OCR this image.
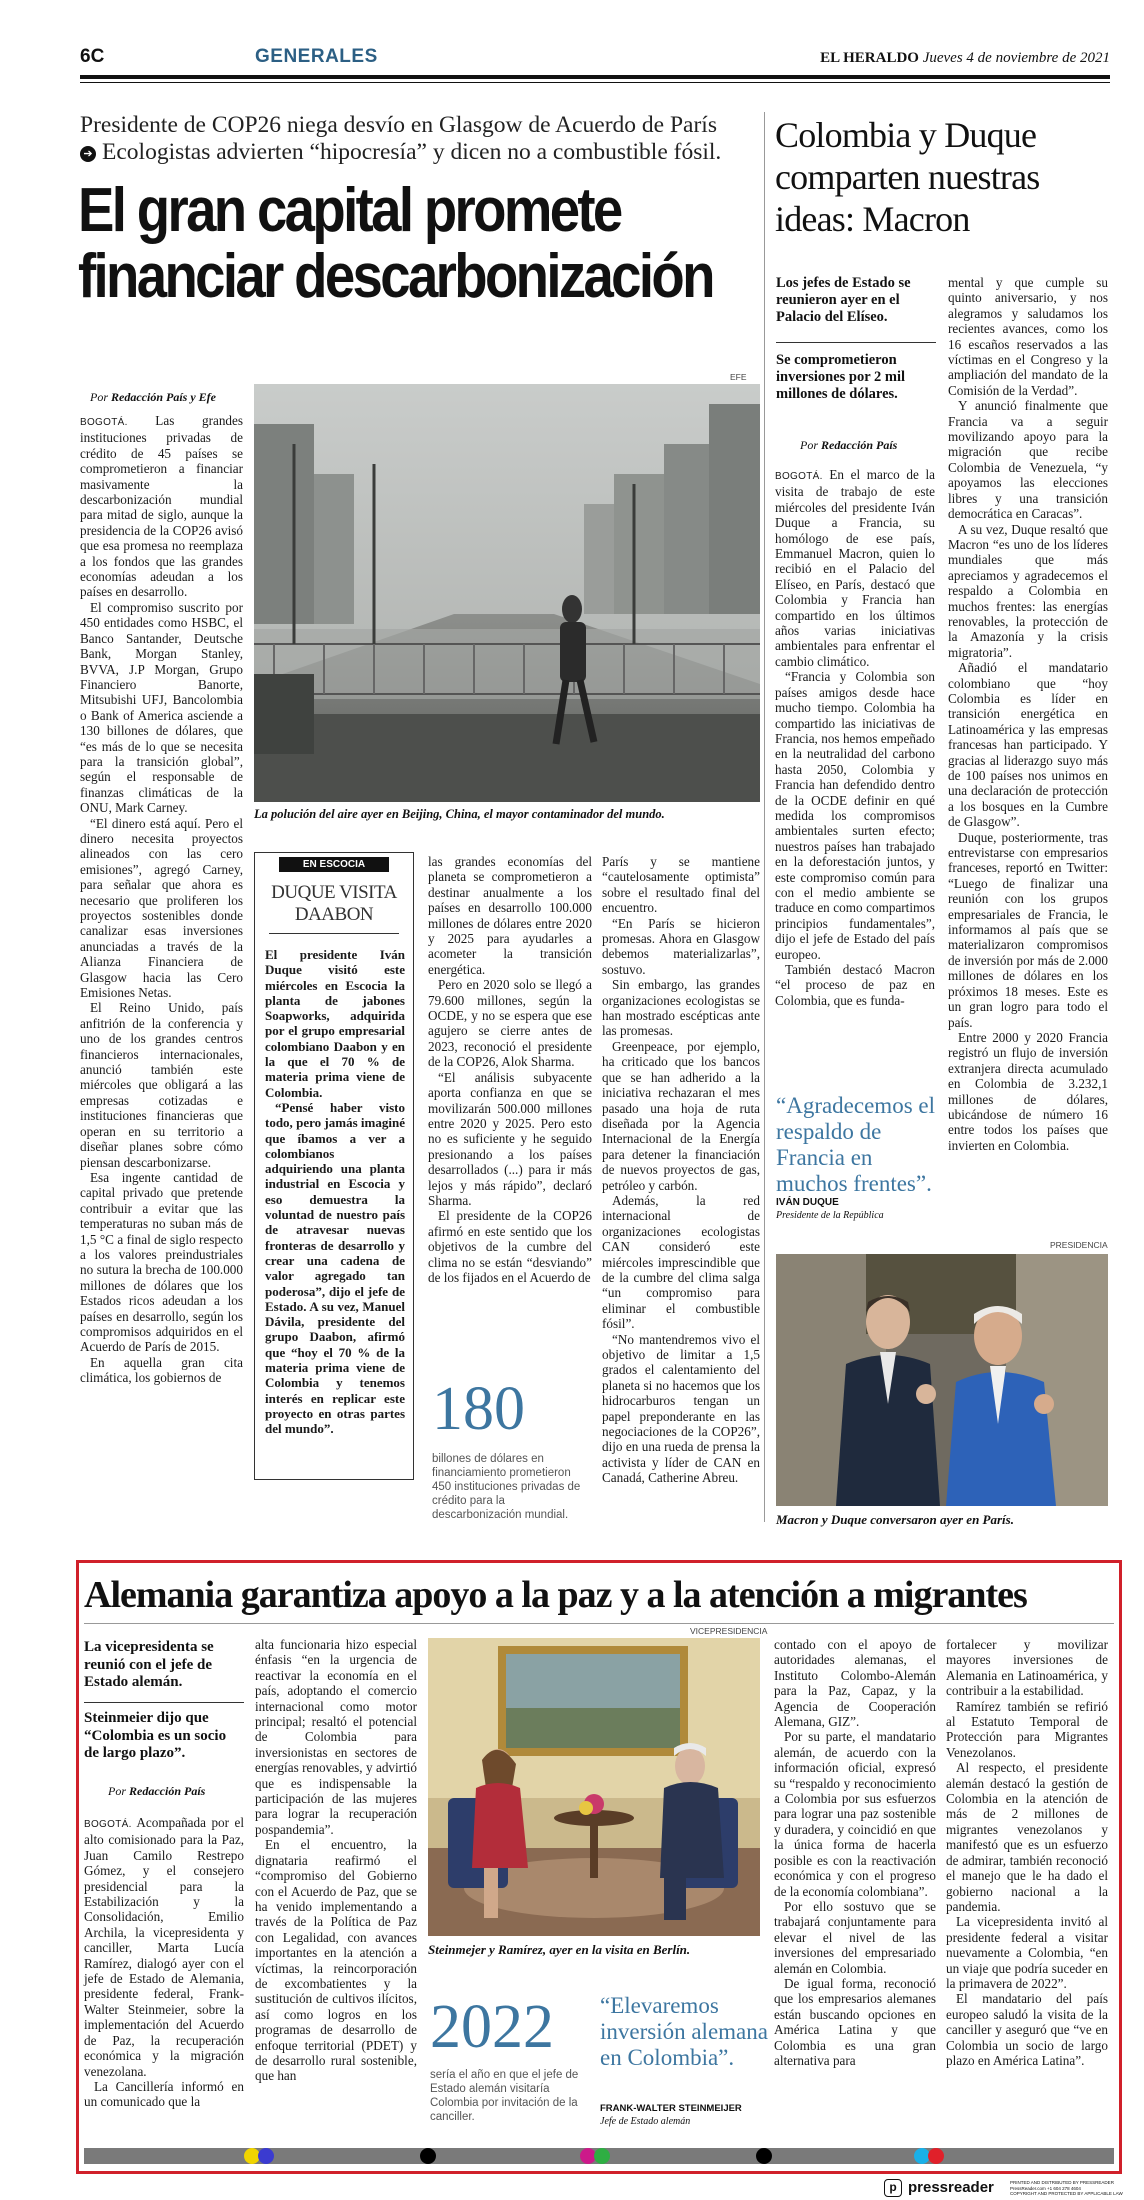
6C	GENERALES	EL HERALDO Jueves 4 de noviembre de 2021
Presidente de COP26 niega desvío en Glasgow de Acuerdo de París
➔ Ecologistas advierten “hipocresía” y dicen no a combustible fósil.
El gran capital promete
financiar descarbonización
Por Redacción País y Efe
EFE
La polución del aire ayer en Beijing, China, el mayor contaminador del mundo.

BOGOTÁ. Las grandes instituciones privadas de crédito de 45 países se comprometieron a financiar masivamente la descarbonización mundial para mitad de siglo, aunque la presidencia de la COP26 avisó que esa promesa no reemplaza a los fondos que las grandes economías adeudan a los países en desarrollo.

El compromiso suscrito por 450 entidades como HSBC, el Banco Santander, Deutsche Bank, Morgan Stanley, BVVA, J.P Morgan, Grupo Financiero Banorte, Mitsubishi UFJ, Bancolombia o Bank of America asciende a 130 billones de dólares, que “es más de lo que se necesita para la transición global”, según el responsable de finanzas climáticas de la ONU, Mark Carney.

“El dinero está aquí. Pero el dinero necesita proyectos alineados con las cero emisiones”, agregó Carney, para señalar que ahora es necesario que proliferen los proyectos sostenibles donde canalizar esas inversiones anunciadas a través de la Alianza Financiera de Glasgow hacia las Cero Emisiones Netas.

El Reino Unido, país anfitrión de la conferencia y uno de los grandes centros financieros internacionales, anunció también este miércoles que obligará a las empresas cotizadas e instituciones financieras que operan en su territorio a diseñar planes sobre cómo piensan descarbonizarse.

Esa ingente cantidad de capital privado que pretende contribuir a evitar que las temperaturas no suban más de 1,5 °C a final de siglo respecto a los valores preindustriales no sutura la brecha de 100.000 millones de dólares que los Estados ricos adeudan a los países en desarrollo, según los compromisos adquiridos en el Acuerdo de París de 2015.

En aquella gran cita climática, los gobiernos de

EN ESCOCIA
DUQUE VISITA
DAABON

El presidente Iván Duque visitó este miércoles en Escocia la planta de jabones Soapworks, adquirida por el grupo empresarial colombiano Daabon y en la que el 70 % de materia prima viene de Colombia.

“Pensé haber visto todo, pero jamás imaginé que íbamos a ver a colombianos adquiriendo una planta industrial en Escocia y eso demuestra la voluntad de nuestro país de atravesar nuevas fronteras de desarrollo y crear una cadena de valor agregado tan poderosa”, dijo el jefe de Estado. A su vez, Manuel Dávila, presidente del grupo Daabon, afirmó que “hoy el 70 % de la materia prima viene de Colombia y tenemos interés en replicar este proyecto en otras partes del mundo”.

las grandes economías del planeta se comprometieron a destinar anualmente a los países en desarrollo 100.000 millones de dólares entre 2020 y 2025 para ayudarles a acometer la transición energética.

Pero en 2020 solo se llegó a 79.600 millones, según la OCDE, y no se espera que ese agujero se cierre antes de 2023, reconoció el presidente de la COP26, Alok Sharma.

“El análisis subyacente aporta confianza en que se movilizarán 500.000 millones entre 2020 y 2025. Pero esto no es suficiente y he seguido presionando a los países desarrollados (...) para ir más lejos y más rápido”, declaró Sharma.

El presidente de la COP26 afirmó en este sentido que los objetivos de la cumbre del clima no se están “desviando” de los fijados en el Acuerdo de

180
billones de dólares en financiamiento prometieron 450 instituciones privadas de crédito para la descarbonización mundial.

París y se mantiene “cautelosamente optimista” sobre el resultado final del encuentro.

“En París se hicieron promesas. Ahora en Glasgow debemos materializarlas”, sostuvo.

Sin embargo, las grandes organizaciones ecologistas se han mostrado escépticas ante las promesas.

Greenpeace, por ejemplo, ha criticado que los bancos que se han adherido a la iniciativa rechazaran el mes pasado una hoja de ruta diseñada por la Agencia Internacional de la Energía para detener la financiación de nuevos proyectos de gas, petróleo y carbón.

Además, la red internacional de organizaciones ecologistas CAN consideró este miércoles imprescindible que de la cumbre del clima salga “un compromiso para eliminar el combustible fósil”.

“No mantendremos vivo el objetivo de limitar a 1,5 grados el calentamiento del planeta si no hacemos que los hidrocarburos tengan un papel preponderante en las negociaciones de la COP26”, dijo en una rueda de prensa la activista y líder de CAN en Canadá, Catherine Abreu.

Colombia y Duque comparten nuestras ideas: Macron
Los jefes de Estado se reunieron ayer en el Palacio del Elíseo.
Se comprometieron inversiones por 2 mil millones de dólares.
Por Redacción País

BOGOTÁ. En el marco de la visita de trabajo de este miércoles del presidente Iván Duque a Francia, su homólogo de ese país, Emmanuel Macron, quien lo recibió en el Palacio del Elíseo, en París, destacó que Colombia y Francia han compartido en los últimos años varias iniciativas ambientales para enfrentar el cambio climático.

“Francia y Colombia son países amigos desde hace mucho tiempo. Colombia ha compartido las iniciativas de Francia, nos hemos empeñado en la neutralidad del carbono hasta 2050, Colombia y Francia han defendido dentro de la OCDE definir en qué medida los compromisos ambientales surten efecto; nuestros países han trabajado en la deforestación juntos, y este compromiso común para con el medio ambiente se traduce en como compartimos principios fundamentales”, dijo el jefe de Estado del país europeo.

También destacó Macron “el proceso de paz en Colombia, que es funda-

“Agradecemos el respaldo de Francia en muchos frentes”.
IVÁN DUQUE
Presidente de la República

mental y que cumple su quinto aniversario, y nos alegramos y saludamos los recientes avances, como los 16 escaños reservados a las víctimas en el Congreso y la ampliación del mandato de la Comisión de la Verdad”.

Y anunció finalmente que Francia va a seguir movilizando apoyo para la migración que recibe Colombia de Venezuela, “y apoyamos las elecciones libres y una transición democrática en Caracas”.

A su vez, Duque resaltó que Macron “es uno de los líderes mundiales que más apreciamos y agradecemos el respaldo a Colombia en muchos frentes: las energías renovables, la protección de la Amazonía y la crisis migratoria”.

Añadió el mandatario colombiano que “hoy Colombia es líder en transición energética en Latinoamérica y las empresas francesas han participado. Y gracias al liderazgo suyo más de 100 países nos unimos en una declaración de protección a los bosques en la Cumbre de Glasgow”.

Duque, posteriormente, tras entrevistarse con empresarios franceses, reportó en Twitter: “Luego de finalizar una reunión con los grupos empresariales de Francia, le informamos al país que se materializaron compromisos de inversión por más de 2.000 millones de dólares en los próximos 18 meses. Este es un gran logro para todo el país.

Entre 2000 y 2020 Francia registró un flujo de inversión extranjera directa acumulado en Colombia de 3.232,1 millones de dólares, ubicándose de número 16 entre todos los países que invierten en Colombia.

PRESIDENCIA
Macron y Duque conversaron ayer en París.
Alemania garantiza apoyo a la paz y a la atención a migrantes
La vicepresidenta se reunió con el jefe de Estado alemán.
Steinmeier dijo que “Colombia es un socio de largo plazo”.
Por Redacción País

BOGOTÁ. Acompañada por el alto comisionado para la Paz, Juan Camilo Restrepo Gómez, y el consejero presidencial para la Estabilización y la Consolidación, Emilio Archila, la vicepresidenta y canciller, Marta Lucía Ramírez, dialogó ayer con el jefe de Estado de Alemania, presidente federal, Frank-Walter Steinmeier, sobre la implementación del Acuerdo de Paz, la recuperación económica y la migración venezolana.

La Cancillería informó en un comunicado que la

alta funcionaria hizo especial énfasis “en la urgencia de reactivar la economía en el país, adoptando el comercio internacional como motor principal; resaltó el potencial de Colombia para inversionistas en sectores de energías renovables, y advirtió que es indispensable la participación de las mujeres para lograr la recuperación pospandemia”.

En el encuentro, la dignataria reafirmó el “compromiso del Gobierno con el Acuerdo de Paz, que se ha venido implementando a través de la Política de Paz con Legalidad, con avances importantes en la atención a víctimas, la reincorporación de excombatientes y la sustitución de cultivos ilícitos, así como logros en los programas de desarrollo de enfoque territorial (PDET) y de desarrollo rural sostenible, que han

VICEPRESIDENCIA
Steinmejer y Ramírez, ayer en la visita en Berlín.
2022
sería el año en que el jefe de Estado alemán visitaría Colombia por invitación de la canciller.
“Elevaremos inversión alemana en Colombia”.
FRANK-WALTER STEINMEIJER
Jefe de Estado alemán

contado con el apoyo de autoridades alemanas, el Instituto Colombo-Alemán para la Paz, Capaz, y la Agencia de Cooperación Alemana, GIZ”.

Por su parte, el mandatario alemán, de acuerdo con la información oficial, expresó su “respaldo y reconocimiento a Colombia por sus esfuerzos para lograr una paz sostenible y duradera, y coincidió en que la única forma de hacerla posible es con la reactivación económica y con el progreso de la economía colombiana”.

Por ello sostuvo que se trabajará conjuntamente para elevar el nivel de las inversiones del empresariado alemán en Colombia.

De igual forma, reconoció que los empresarios alemanes están buscando opciones en América Latina y que Colombia es una gran alternativa para

fortalecer y movilizar mayores inversiones de Alemania en Latinoamérica, y contribuir a la estabilidad.

Ramírez también se refirió al Estatuto Temporal de Protección para Migrantes Venezolanos.

Al respecto, el presidente alemán destacó la gestión de Colombia en la atención de más de 2 millones de migrantes venezolanos y manifestó que es un esfuerzo de admirar, también reconoció el manejo que le ha dado el gobierno nacional a la pandemia.

La vicepresidenta invitó al presidente federal a visitar nuevamente a Colombia, “en un viaje que podría suceder en la primavera de 2022”.

El mandatario del país europeo saludó la visita de la canciller y aseguró que “ve en Colombia un socio de largo plazo en América Latina”.

p pressreader	PRINTED AND DISTRIBUTED BY PRESSREADER
PressReader.com +1 604 278 4604
COPYRIGHT AND PROTECTED BY APPLICABLE LAW
